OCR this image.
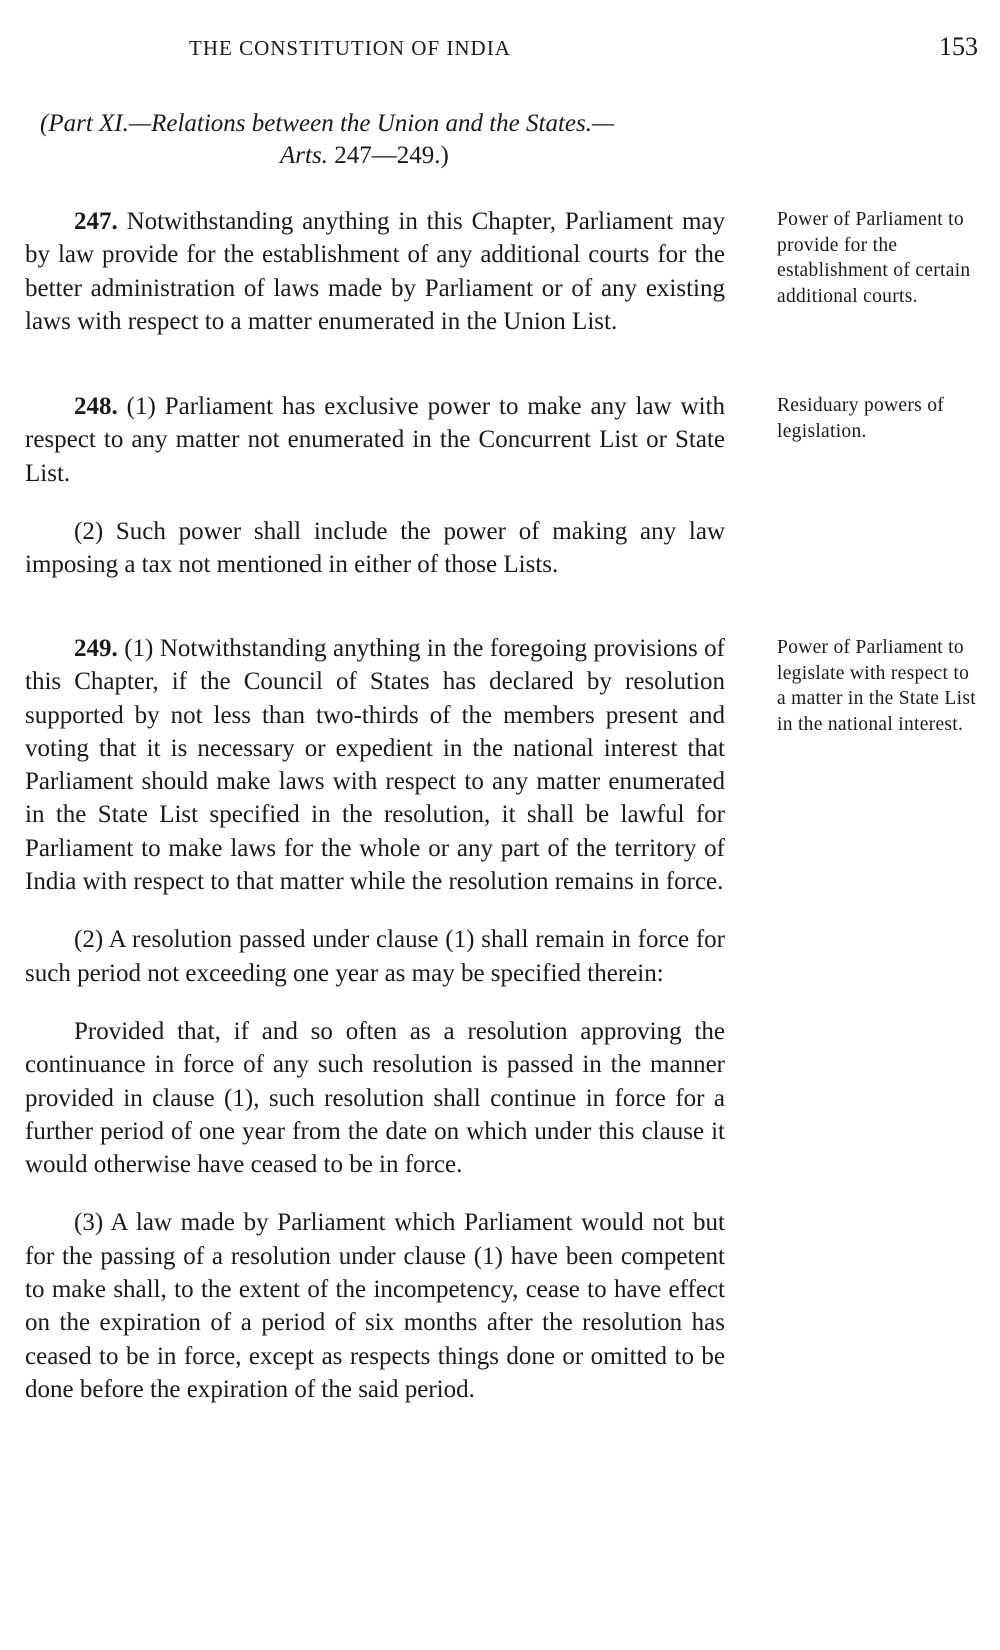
THE CONSTITUTION OF INDIA	153
(Part XI.—Relations between the Union and the States.—
Arts. 247—249.)

247. Notwithstanding anything in this Chapter, Parliament may by law provide for the establishment of any additional courts for the better administration of laws made by Parliament or of any existing laws with respect to a matter enumerated in the Union List.

Power of Parliament to provide for the establishment of certain additional courts.

248. (1) Parliament has exclusive power to make any law with respect to any matter not enumerated in the Concurrent List or State List.

(2) Such power shall include the power of making any law imposing a tax not mentioned in either of those Lists.

Residuary powers of legislation.

249. (1) Notwithstanding anything in the foregoing provisions of this Chapter, if the Council of States has declared by resolution supported by not less than two-thirds of the members present and voting that it is necessary or expedient in the national interest that Parliament should make laws with respect to any matter enumerated in the State List specified in the resolution, it shall be lawful for Parliament to make laws for the whole or any part of the territory of India with respect to that matter while the resolution remains in force.

(2) A resolution passed under clause (1) shall remain in force for such period not exceeding one year as may be specified therein:

Provided that, if and so often as a resolution approving the continuance in force of any such resolution is passed in the manner provided in clause (1), such resolution shall continue in force for a further period of one year from the date on which under this clause it would otherwise have ceased to be in force.

(3) A law made by Parliament which Parliament would not but for the passing of a resolution under clause (1) have been competent to make shall, to the extent of the incompetency, cease to have effect on the expiration of a period of six months after the resolution has ceased to be in force, except as respects things done or omitted to be done before the expiration of the said period.

Power of Parliament to legislate with respect to a matter in the State List in the national interest.
